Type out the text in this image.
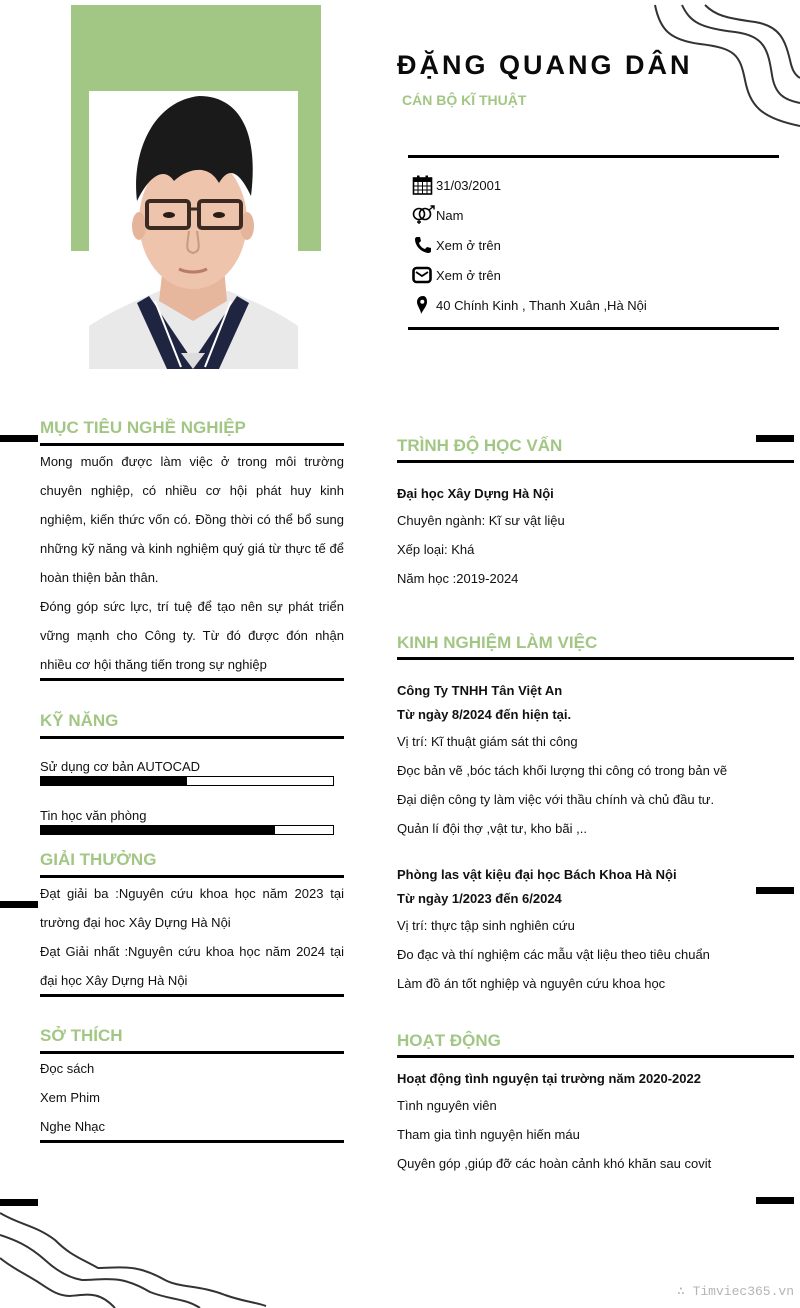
ĐẶNG QUANG DÂN
CÁN BỘ KĨ THUẬT
31/03/2001
Nam
Xem ở trên
Xem ở trên
40 Chính Kinh , Thanh Xuân ,Hà Nội
MỤC TIÊU NGHỀ NGHIỆP
Mong muốn được làm việc ở trong môi trường chuyên nghiệp, có nhiều cơ hội phát huy kinh nghiệm, kiến thức vốn có. Đồng thời có thể bổ sung những kỹ năng và kinh nghiệm quý giá từ thực tế để hoàn thiện bản thân.
Đóng góp sức lực, trí tuệ để tạo nên sự phát triển vững mạnh cho Công ty. Từ đó được đón nhận nhiều cơ hội thăng tiến trong sự nghiệp
KỸ NĂNG
Sử dụng cơ bản AUTOCAD
Tin học văn phòng
GIẢI THƯỞNG
Đạt giải ba :Nguyên cứu khoa học năm 2023 tại trường đại hoc Xây Dựng Hà Nội
Đạt Giải nhất :Nguyên cứu khoa học năm 2024 tại đại học Xây Dựng Hà Nội
SỞ THÍCH
Đọc sách
Xem Phim
Nghe Nhạc
TRÌNH ĐỘ HỌC VẤN
Đại học Xây Dựng Hà Nội
Chuyên ngành: Kĩ sư vật liệu
Xếp loại: Khá
Năm học :2019-2024
KINH NGHIỆM LÀM VIỆC
Công Ty TNHH Tân Việt An
Từ ngày 8/2024 đến hiện tại.
Vị trí: Kĩ thuật giám sát thi công
Đọc bản vẽ ,bóc tách khối lượng thi công có trong bản vẽ
Đại diện công ty làm việc với thầu chính và chủ đầu tư.
Quản lí đội thợ ,vật tư, kho bãi ,..
Phòng las vật kiệu đại học Bách Khoa Hà Nội
Từ ngày 1/2023 đến 6/2024
Vị trí: thực tập sinh nghiên cứu
Đo đạc và thí nghiệm các mẫu vật liệu theo tiêu chuẩn
Làm đồ án tốt nghiệp và nguyên cứu khoa học
HOẠT ĐỘNG
Hoạt động tình nguyện tại trường năm 2020-2022
Tình nguyên viên
Tham gia tình nguyện hiến máu
Quyên góp ,giúp đỡ các hoàn cảnh khó khăn sau covit
∴ Timviec365.vn
